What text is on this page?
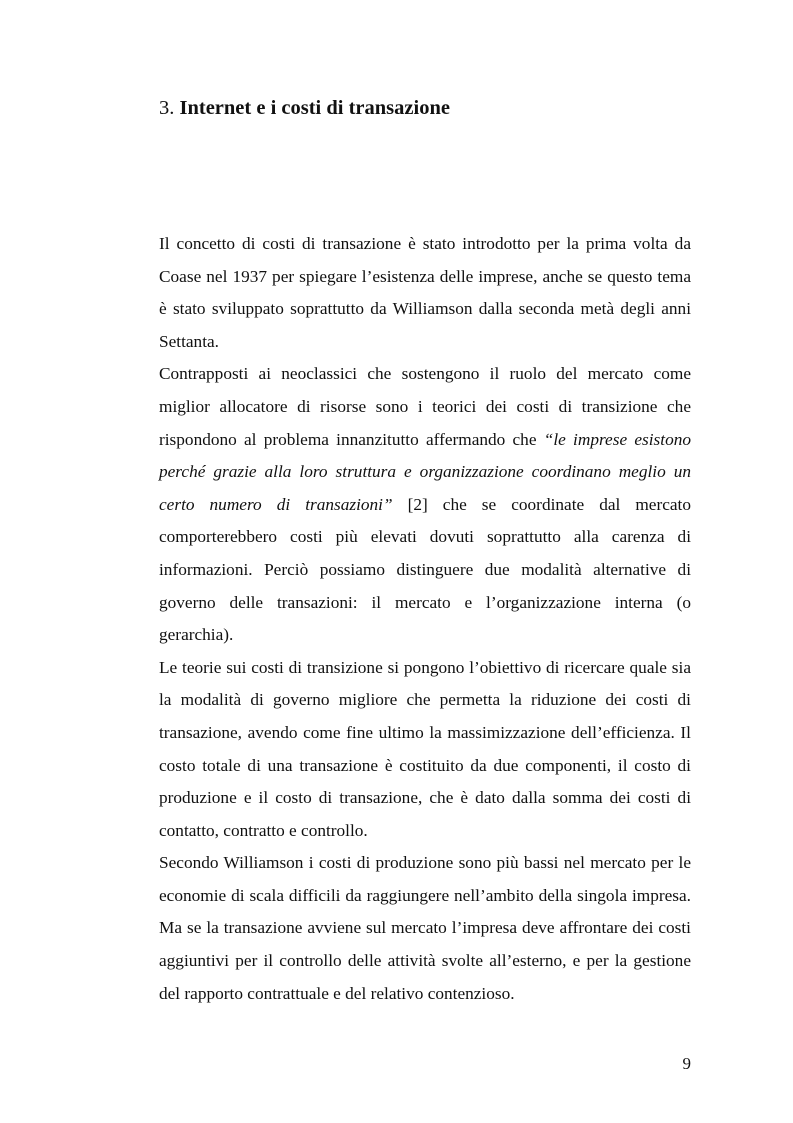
3. Internet e i costi di transazione

Il concetto di costi di transazione è stato introdotto per la prima volta da Coase nel 1937 per spiegare l’esistenza delle imprese, anche se questo tema è stato sviluppato soprattutto da Williamson dalla seconda metà degli anni Settanta.

Contrapposti ai neoclassici che sostengono il ruolo del mercato come miglior allocatore di risorse sono i teorici dei costi di transizione che rispondono al problema innanzitutto affermando che “le imprese esistono perché grazie alla loro struttura e organizzazione coordinano meglio un certo numero di transazioni” [2] che se coordinate dal mercato comporterebbero costi più elevati dovuti soprattutto alla carenza di informazioni. Perciò possiamo distinguere due modalità alternative di governo delle transazioni: il mercato e l’organizzazione interna (o gerarchia).

Le teorie sui costi di transizione si pongono l’obiettivo di ricercare quale sia la modalità di governo migliore che permetta la riduzione dei costi di transazione, avendo come fine ultimo la massimizzazione dell’efficienza. Il costo totale di una transazione è costituito da due componenti, il costo di produzione e il costo di transazione, che è dato dalla somma dei costi di contatto, contratto e controllo.

Secondo Williamson i costi di produzione sono più bassi nel mercato per le economie di scala difficili da raggiungere nell’ambito della singola impresa. Ma se la transazione avviene sul mercato l’impresa deve affrontare dei costi aggiuntivi per il controllo delle attività svolte all’esterno, e per la gestione del rapporto contrattuale e del relativo contenzioso.

9
